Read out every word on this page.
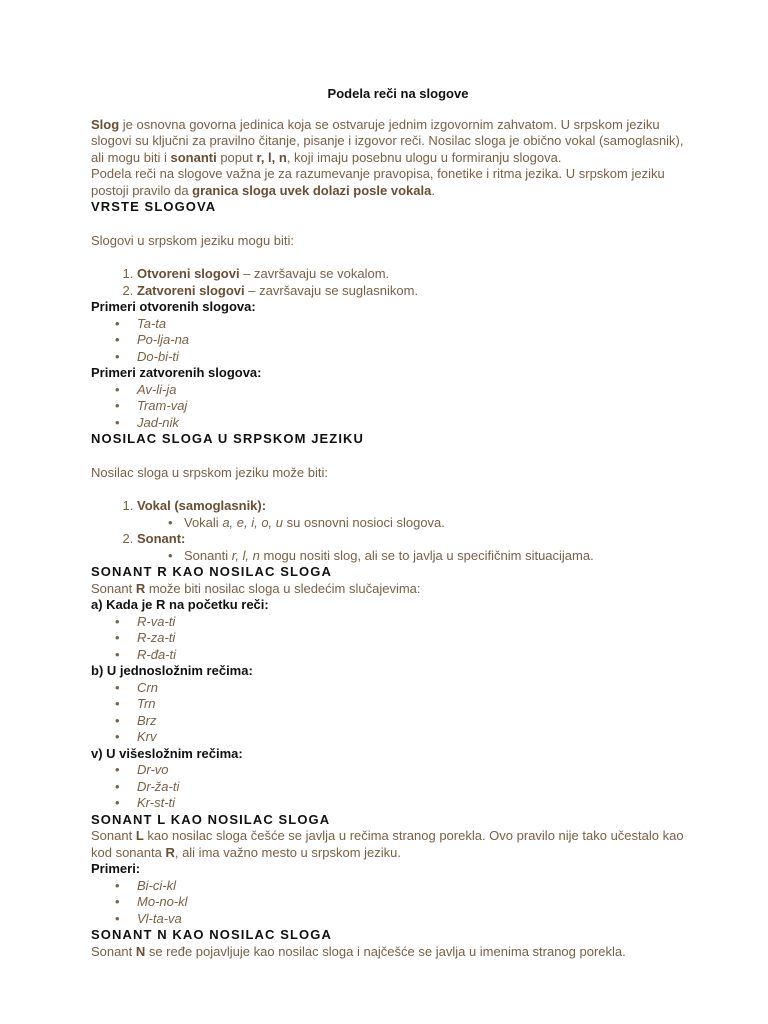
Podela reči na slogove

Slog je osnovna govorna jedinica koja se ostvaruje jednim izgovornim zahvatom. U srpskom jeziku slogovi su ključni za pravilno čitanje, pisanje i izgovor reči. Nosilac sloga je obično vokal (samoglasnik), ali mogu biti i sonanti poput r, l, n, koji imaju posebnu ulogu u formiranju slogova.

Podela reči na slogove važna je za razumevanje pravopisa, fonetike i ritma jezika. U srpskom jeziku postoji pravilo da granica sloga uvek dolazi posle vokala.

VRSTE SLOGOVA

Slogovi u srpskom jeziku mogu biti:

1. Otvoreni slogovi – završavaju se vokalom.
2. Zatvoreni slogovi – završavaju se suglasnikom.

Primeri otvorenih slogova:

• Ta-ta
• Po-lja-na
• Do-bi-ti

Primeri zatvorenih slogova:

• Av-li-ja
• Tram-vaj
• Jad-nik

NOSILAC SLOGA U SRPSKOM JEZIKU

Nosilac sloga u srpskom jeziku može biti:

1. Vokal (samoglasnik):
• Vokali a, e, i, o, u su osnovni nosioci slogova.
2. Sonant:
• Sonanti r, l, n mogu nositi slog, ali se to javlja u specifičnim situacijama.

SONANT R KAO NOSILAC SLOGA

Sonant R može biti nosilac sloga u sledećim slučajevima:

a) Kada je R na početku reči:

• R-va-ti
• R-za-ti
• R-đa-ti

b) U jednosložnim rečima:

• Crn
• Trn
• Brz
• Krv

v) U višesložnim rečima:

• Dr-vo
• Dr-ža-ti
• Kr-st-ti

SONANT L KAO NOSILAC SLOGA

Sonant L kao nosilac sloga češće se javlja u rečima stranog porekla. Ovo pravilo nije tako učestalo kao kod sonanta R, ali ima važno mesto u srpskom jeziku.

Primeri:

• Bi-ci-kl
• Mo-no-kl
• Vl-ta-va

SONANT N KAO NOSILAC SLOGA

Sonant N se ređe pojavljuje kao nosilac sloga i najčešće se javlja u imenima stranog porekla.
